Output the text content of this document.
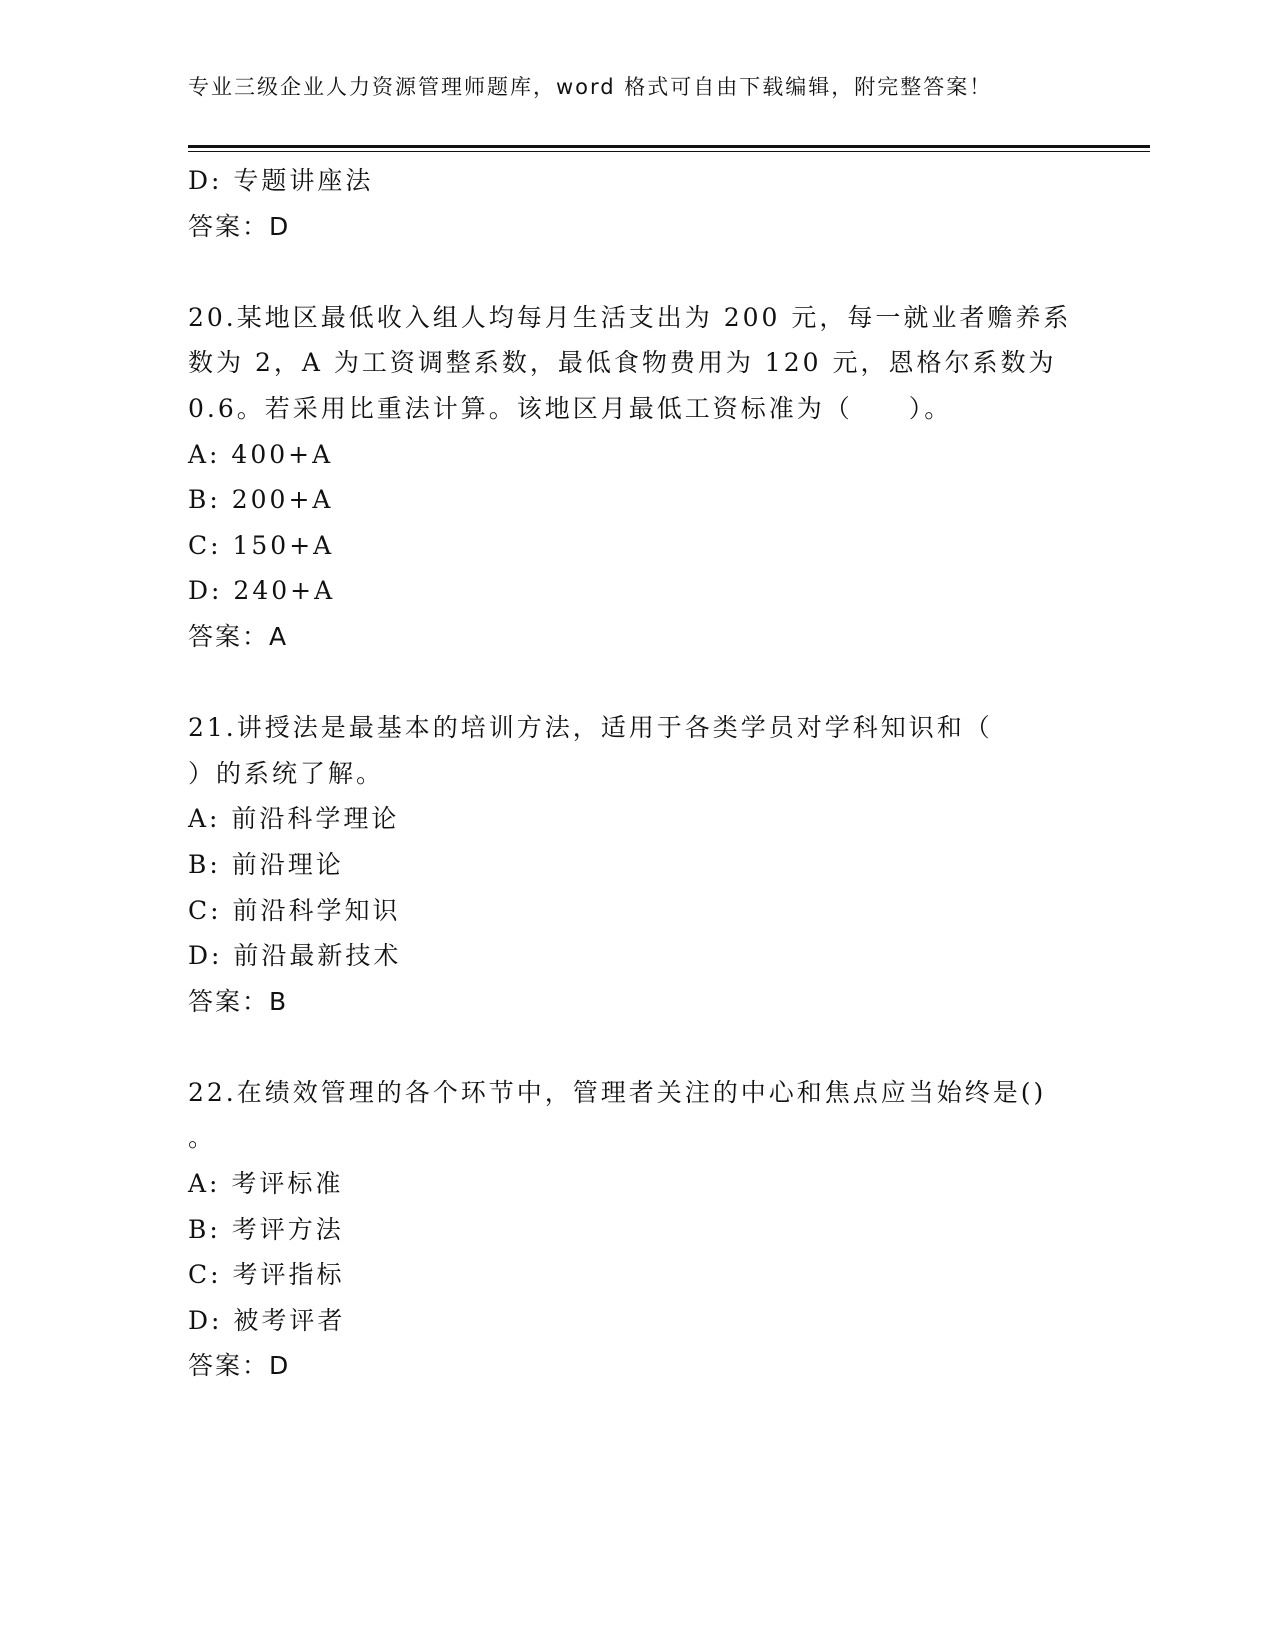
专业三级企业人力资源管理师题库，word 格式可自由下载编辑，附完整答案！
D: 专题讲座法
答案：D
20.某地区最低收入组人均每月生活支出为 200 元，每一就业者赡养系
数为 2，A 为工资调整系数，最低食物费用为 120 元，恩格尔系数为
0.6。若采用比重法计算。该地区月最低工资标准为（　　）。
A: 400+A
B: 200+A
C: 150+A
D: 240+A
答案：A
21.讲授法是最基本的培训方法，适用于各类学员对学科知识和（
）的系统了解。
A: 前沿科学理论
B: 前沿理论
C: 前沿科学知识
D: 前沿最新技术
答案：B
22.在绩效管理的各个环节中，管理者关注的中心和焦点应当始终是()
。
A: 考评标准
B: 考评方法
C: 考评指标
D: 被考评者
答案：D
